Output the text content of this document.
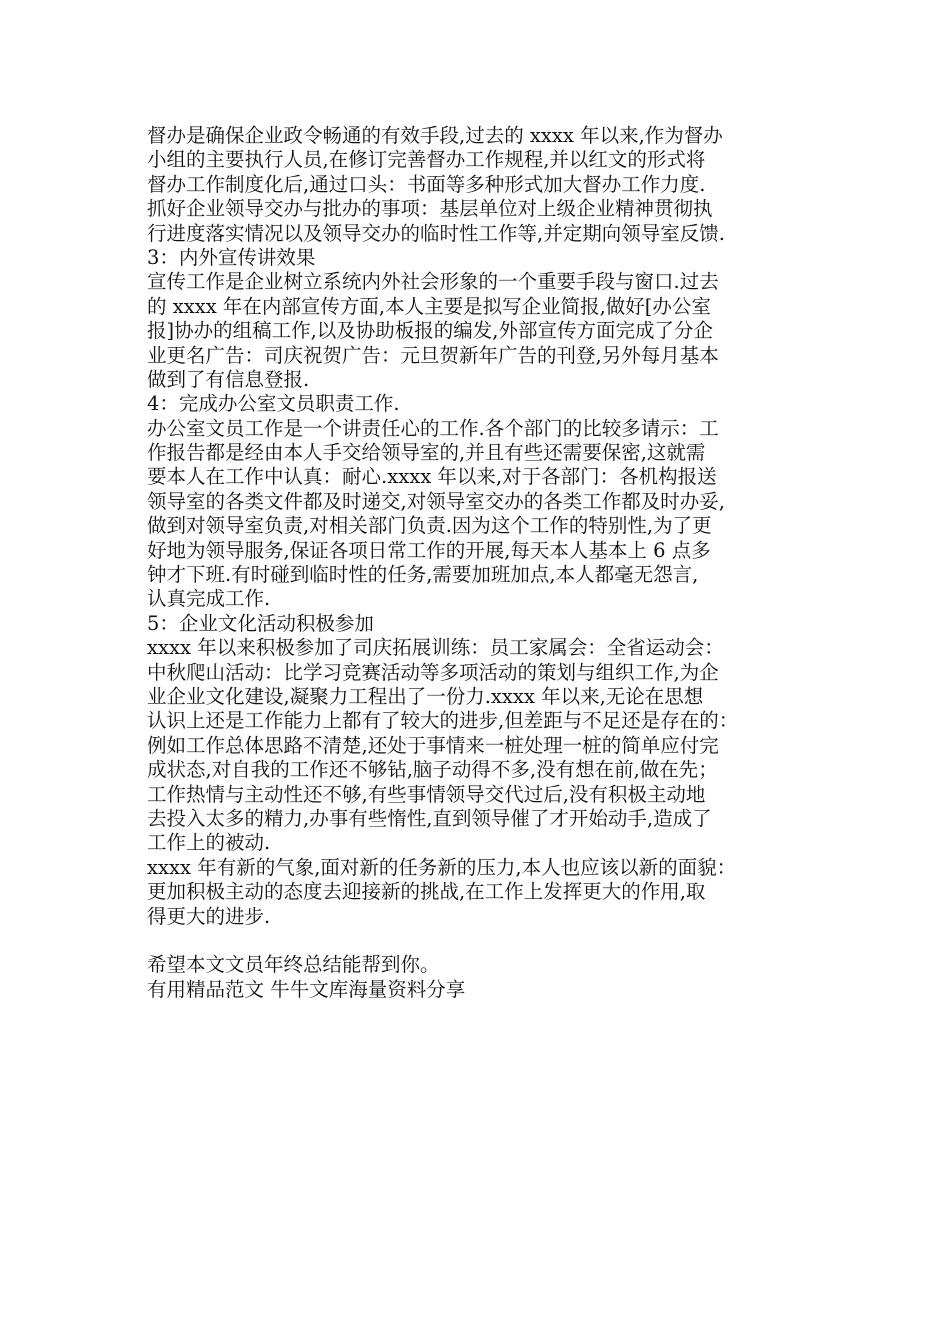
督办是确保企业政令畅通的有效手段,过去的 xxxx 年以来,作为督办
小组的主要执行人员,在修订完善督办工作规程,并以红文的形式将
督办工作制度化后,通过口头：书面等多种形式加大督办工作力度.
抓好企业领导交办与批办的事项：基层单位对上级企业精神贯彻执
行进度落实情况以及领导交办的临时性工作等,并定期向领导室反馈.
3：内外宣传讲效果
宣传工作是企业树立系统内外社会形象的一个重要手段与窗口.过去
的 xxxx 年在内部宣传方面,本人主要是拟写企业简报,做好[办公室
报]协办的组稿工作,以及协助板报的编发,外部宣传方面完成了分企
业更名广告：司庆祝贺广告：元旦贺新年广告的刊登,另外每月基本
做到了有信息登报.
4：完成办公室文员职责工作.
办公室文员工作是一个讲责任心的工作.各个部门的比较多请示：工
作报告都是经由本人手交给领导室的,并且有些还需要保密,这就需
要本人在工作中认真：耐心.xxxx 年以来,对于各部门：各机构报送
领导室的各类文件都及时递交,对领导室交办的各类工作都及时办妥,
做到对领导室负责,对相关部门负责.因为这个工作的特别性,为了更
好地为领导服务,保证各项日常工作的开展,每天本人基本上 6 点多
钟才下班.有时碰到临时性的任务,需要加班加点,本人都毫无怨言,
认真完成工作.
5：企业文化活动积极参加
xxxx 年以来积极参加了司庆拓展训练：员工家属会：全省运动会：
中秋爬山活动：比学习竞赛活动等多项活动的策划与组织工作,为企
业企业文化建设,凝聚力工程出了一份力.xxxx 年以来,无论在思想
认识上还是工作能力上都有了较大的进步,但差距与不足还是存在的：
例如工作总体思路不清楚,还处于事情来一桩处理一桩的简单应付完
成状态,对自我的工作还不够钻,脑子动得不多,没有想在前,做在先；
工作热情与主动性还不够,有些事情领导交代过后,没有积极主动地
去投入太多的精力,办事有些惰性,直到领导催了才开始动手,造成了
工作上的被动.
xxxx 年有新的气象,面对新的任务新的压力,本人也应该以新的面貌：
更加积极主动的态度去迎接新的挑战,在工作上发挥更大的作用,取
得更大的进步.
希望本文文员年终总结能帮到你。
有用精品范文 牛牛文库海量资料分享
